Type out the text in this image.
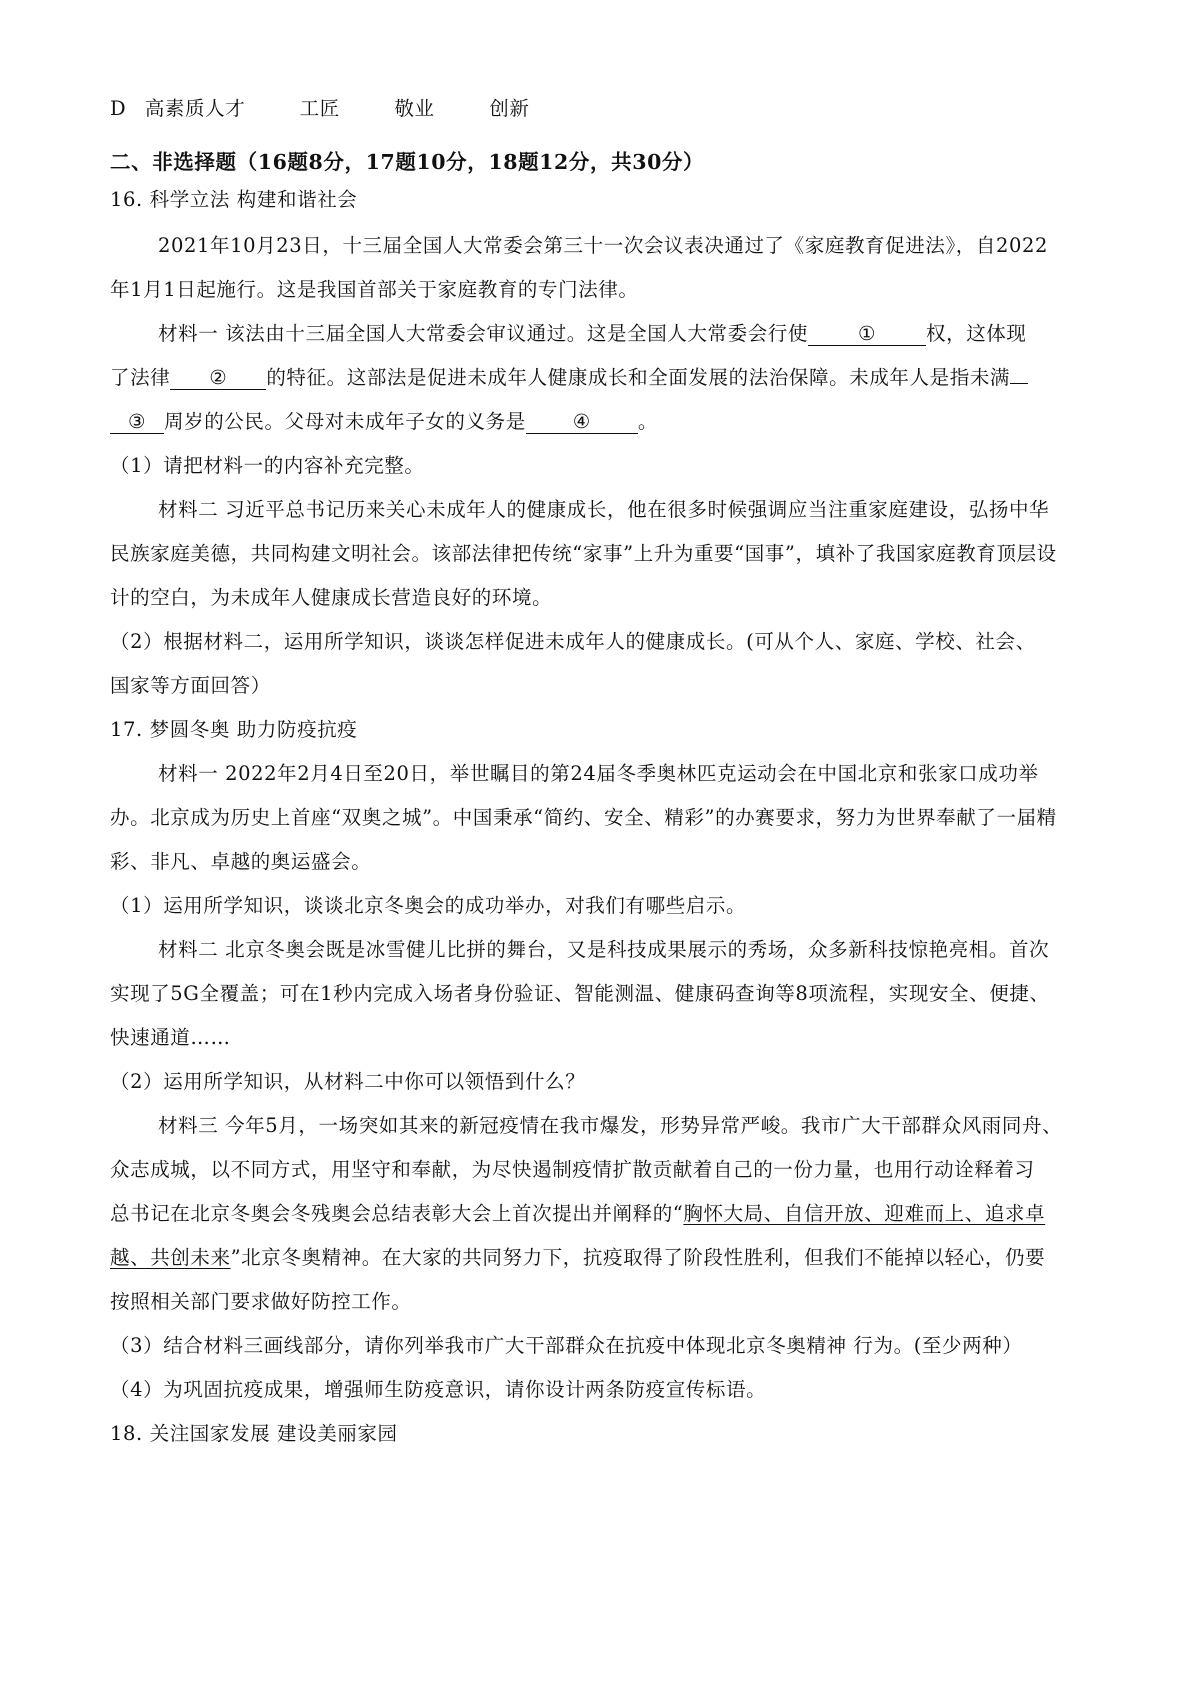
D 高素质人才	工匠	敬业	创新
二、非选择题（16题8分，17题10分，18题12分，共30分）
16. 科学立法 构建和谐社会
2021年10月23日，十三届全国人大常委会第三十一次会议表决通过了《家庭教育促进法》，自2022
年1月1日起施行。这是我国首部关于家庭教育的专门法律。
材料一 该法由十三届全国人大常委会审议通过。这是全国人大常委会行使	①	权，这体现
了法律 ② 的特征。这部法是促进未成年人健康成长和全面发展的法治保障。未成年人是指未满
③ 周岁的公民。父母对未成年子女的义务是 ④ 。
（1）请把材料一的内容补充完整。
材料二 习近平总书记历来关心未成年人的健康成长，他在很多时候强调应当注重家庭建设，弘扬中华
民族家庭美德，共同构建文明社会。该部法律把传统“家事”上升为重要“国事”，填补了我国家庭教育顶层设
计的空白，为未成年人健康成长营造良好的环境。
（2）根据材料二，运用所学知识，谈谈怎样促进未成年人的健康成长。(可从个人、家庭、学校、社会、
国家等方面回答）
17. 梦圆冬奥 助力防疫抗疫
材料一 2022年2月4日至20日，举世瞩目的第24届冬季奥林匹克运动会在中国北京和张家口成功举
办。北京成为历史上首座“双奥之城”。中国秉承“简约、安全、精彩”的办赛要求，努力为世界奉献了一届精
彩、非凡、卓越的奥运盛会。
（1）运用所学知识，谈谈北京冬奥会的成功举办，对我们有哪些启示。
材料二 北京冬奥会既是冰雪健儿比拼的舞台，又是科技成果展示的秀场，众多新科技惊艳亮相。首次
实现了5G全覆盖；可在1秒内完成入场者身份验证、智能测温、健康码查询等8项流程，实现安全、便捷、
快速通道……
（2）运用所学知识，从材料二中你可以领悟到什么？
材料三 今年5月，一场突如其来的新冠疫情在我市爆发，形势异常严峻。我市广大干部群众风雨同舟、
众志成城，以不同方式，用坚守和奉献，为尽快遏制疫情扩散贡献着自己的一份力量，也用行动诠释着习
总书记在北京冬奥会冬残奥会总结表彰大会上首次提出并阐释的“胸怀大局、自信开放、迎难而上、追求卓
越、共创未来”北京冬奥精神。在大家的共同努力下，抗疫取得了阶段性胜利，但我们不能掉以轻心，仍要
按照相关部门要求做好防控工作。
（3）结合材料三画线部分，请你列举我市广大干部群众在抗疫中体现北京冬奥精神 行为。(至少两种）
（4）为巩固抗疫成果，增强师生防疫意识，请你设计两条防疫宣传标语。
18. 关注国家发展 建设美丽家园
